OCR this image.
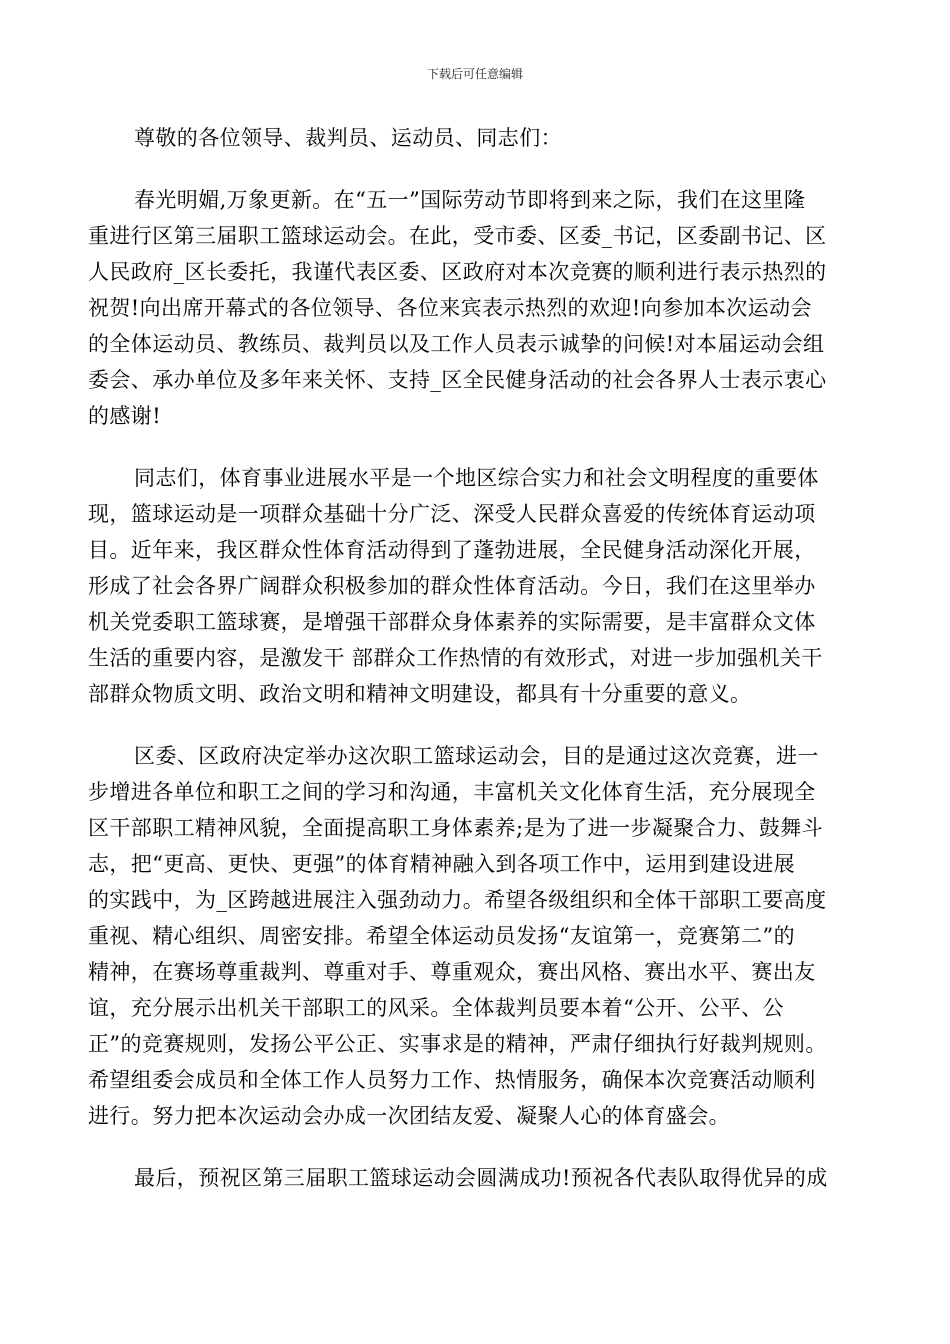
下载后可任意编辑
尊敬的各位领导、裁判员、运动员、同志们：
春光明媚,万象更新。在“五一”国际劳动节即将到来之际，我们在这里隆
重进行区第三届职工篮球运动会。在此，受市委、区委_书记，区委副书记、区
人民政府_区长委托，我谨代表区委、区政府对本次竞赛的顺利进行表示热烈的
祝贺!向出席开幕式的各位领导、各位来宾表示热烈的欢迎!向参加本次运动会
的全体运动员、教练员、裁判员以及工作人员表示诚挚的问候!对本届运动会组
委会、承办单位及多年来关怀、支持_区全民健身活动的社会各界人士表示衷心
的感谢!
同志们，体育事业进展水平是一个地区综合实力和社会文明程度的重要体
现，篮球运动是一项群众基础十分广泛、深受人民群众喜爱的传统体育运动项
目。近年来，我区群众性体育活动得到了蓬勃进展，全民健身活动深化开展，
形成了社会各界广阔群众积极参加的群众性体育活动。今日，我们在这里举办
机关党委职工篮球赛，是增强干部群众身体素养的实际需要，是丰富群众文体
生活的重要内容，是激发干 部群众工作热情的有效形式，对进一步加强机关干
部群众物质文明、政治文明和精神文明建设，都具有十分重要的意义。
区委、区政府决定举办这次职工篮球运动会，目的是通过这次竞赛，进一
步增进各单位和职工之间的学习和沟通，丰富机关文化体育生活，充分展现全
区干部职工精神风貌，全面提高职工身体素养;是为了进一步凝聚合力、鼓舞斗
志，把“更高、更快、更强”的体育精神融入到各项工作中，运用到建设进展
的实践中，为_区跨越进展注入强劲动力。希望各级组织和全体干部职工要高度
重视、精心组织、周密安排。希望全体运动员发扬“友谊第一，竞赛第二”的
精神，在赛场尊重裁判、尊重对手、尊重观众，赛出风格、赛出水平、赛出友
谊，充分展示出机关干部职工的风采。全体裁判员要本着“公开、公平、公
正”的竞赛规则，发扬公平公正、实事求是的精神，严肃仔细执行好裁判规则。
希望组委会成员和全体工作人员努力工作、热情服务，确保本次竞赛活动顺利
进行。努力把本次运动会办成一次团结友爱、凝聚人心的体育盛会。
最后，预祝区第三届职工篮球运动会圆满成功!预祝各代表队取得优异的成
